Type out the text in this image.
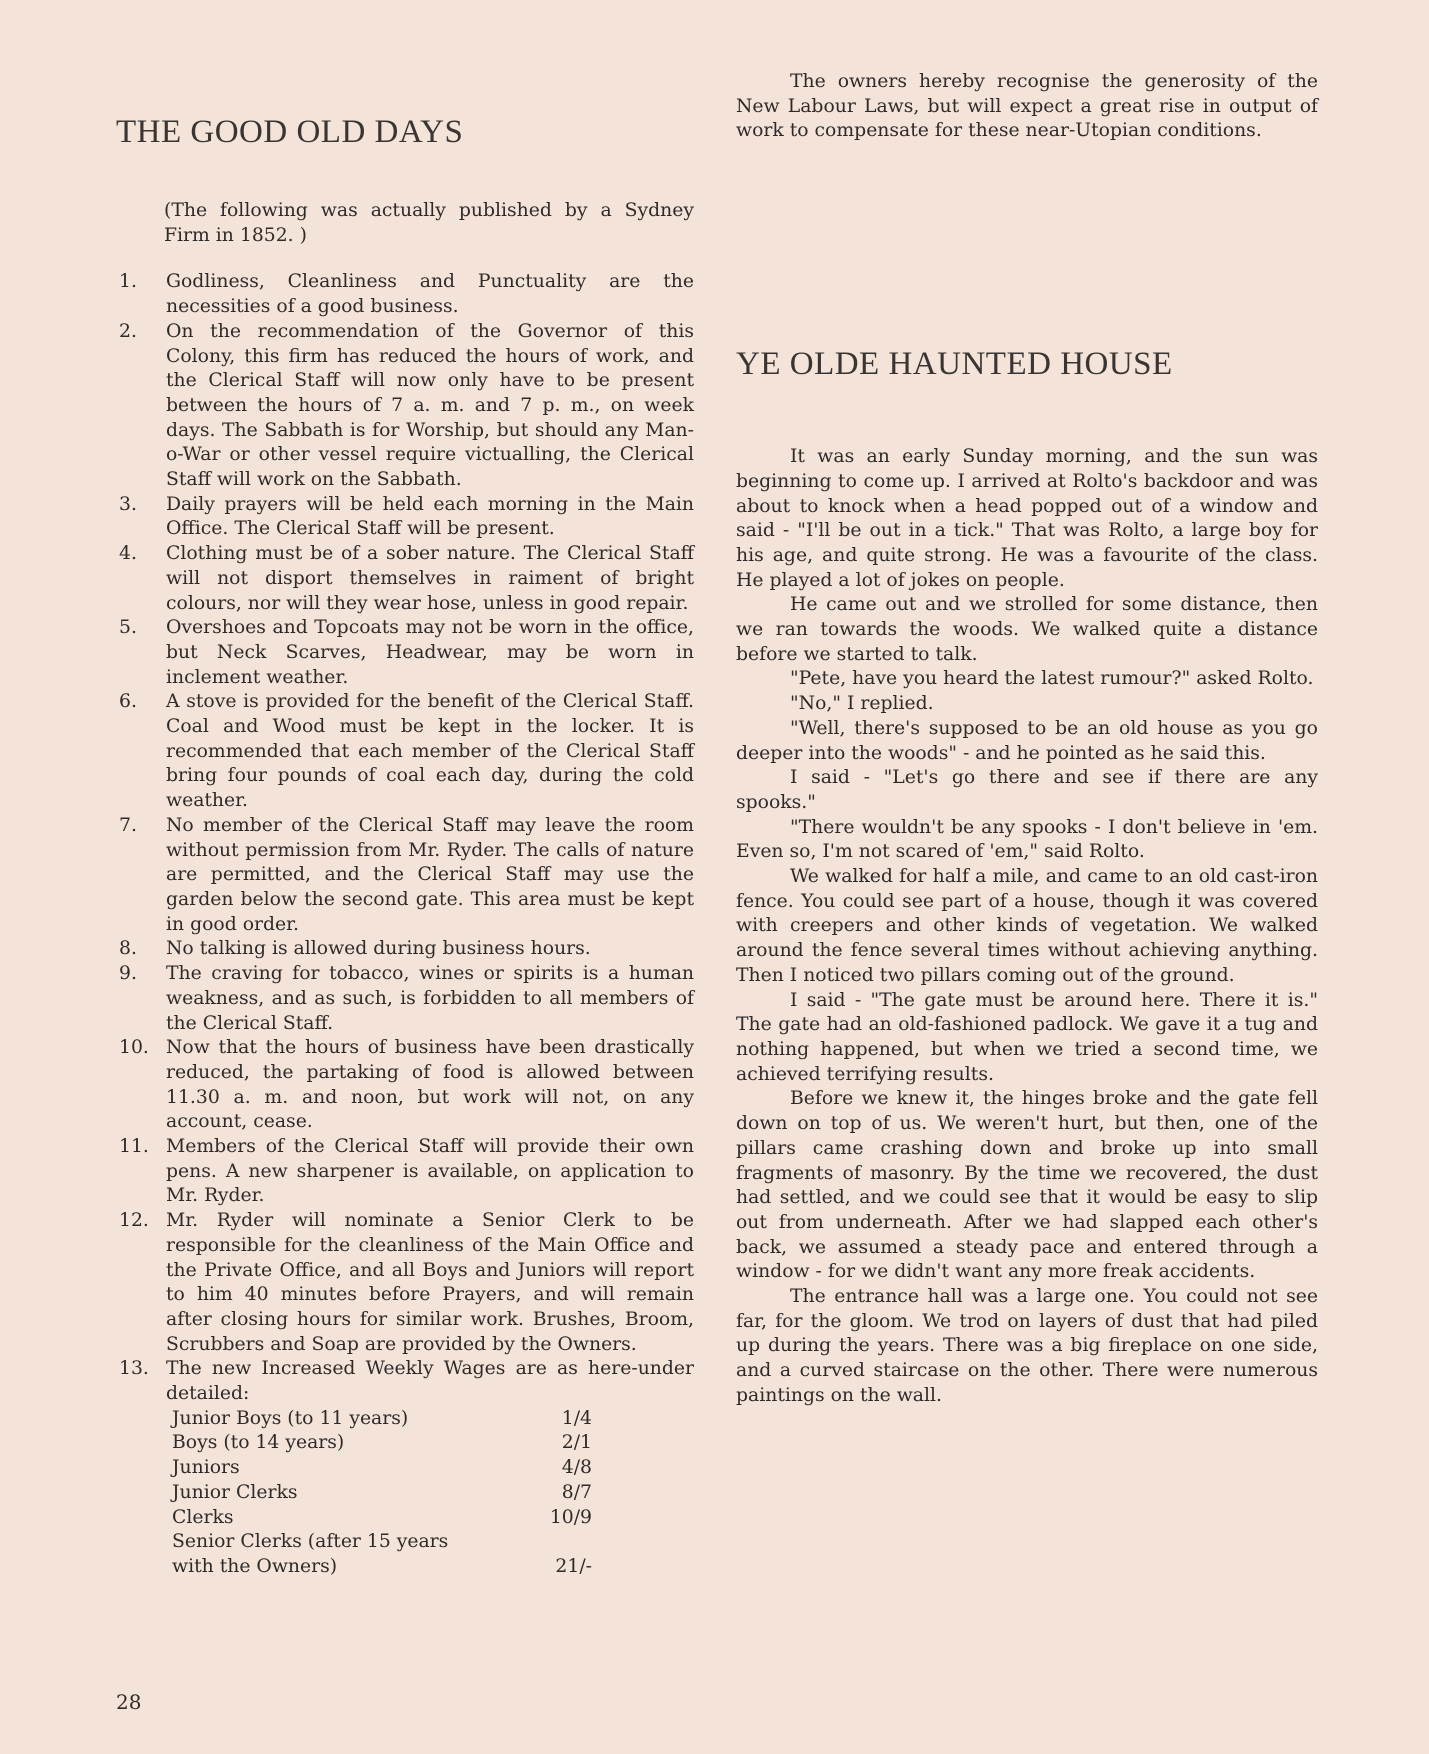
THE GOOD OLD DAYS

(The following was actually published by a Sydney Firm in 1852. )

1.	Godliness, Cleanliness and Punctuality are the necessities of a good business.
2.	On the recommendation of the Governor of this Colony, this firm has reduced the hours of work, and the Clerical Staff will now only have to be present between the hours of 7 a. m. and 7 p. m., on week days. The Sabbath is for Worship, but should any Man-o-War or other vessel require victualling, the Clerical Staff will work on the Sabbath.
3.	Daily prayers will be held each morning in the Main Office. The Clerical Staff will be present.
4.	Clothing must be of a sober nature. The Clerical Staff will not disport themselves in raiment of bright colours, nor will they wear hose, unless in good repair.
5.	Overshoes and Topcoats may not be worn in the office, but Neck Scarves, Headwear, may be worn in inclement weather.
6.	A stove is provided for the benefit of the Clerical Staff. Coal and Wood must be kept in the locker. It is recommended that each member of the Clerical Staff bring four pounds of coal each day, during the cold weather.
7.	No member of the Clerical Staff may leave the room without permission from Mr. Ryder. The calls of nature are permitted, and the Clerical Staff may use the garden below the second gate. This area must be kept in good order.
8.	No talking is allowed during business hours.
9.	The craving for tobacco, wines or spirits is a human weakness, and as such, is forbidden to all members of the Clerical Staff.
10. Now that the hours of business have been drastically reduced, the partaking of food is allowed between 11.30 a. m. and noon, but work will not, on any account, cease.
11. Members of the Clerical Staff will provide their own pens. A new sharpener is available, on application to Mr. Ryder.
12. Mr. Ryder will nominate a Senior Clerk to be responsible for the cleanliness of the Main Office and the Private Office, and all Boys and Juniors will report to him 40 minutes before Prayers, and will remain after closing hours for similar work. Brushes, Broom, Scrubbers and Soap are provided by the Owners.
13. The new Increased Weekly Wages are as here-under detailed:
Junior Boys (to 11 years)	1/4
Boys (to 14 years)	2/1
Juniors	4/8
Junior Clerks	8/7
Clerks	10/9
Senior Clerks (after 15 years	
with the Owners)	21/-

The owners hereby recognise the generosity of the New Labour Laws, but will expect a great rise in output of work to compensate for these near-Utopian conditions.

YE OLDE HAUNTED HOUSE

It was an early Sunday morning, and the sun was beginning to come up. I arrived at Rolto's backdoor and was about to knock when a head popped out of a window and said - "I'll be out in a tick." That was Rolto, a large boy for his age, and quite strong. He was a favourite of the class. He played a lot of jokes on people.

He came out and we strolled for some distance, then we ran towards the woods. We walked quite a distance before we started to talk.

"Pete, have you heard the latest rumour?" asked Rolto.

"No," I replied.

"Well, there's supposed to be an old house as you go deeper into the woods" - and he pointed as he said this.

I said - "Let's go there and see if there are any spooks."

"There wouldn't be any spooks - I don't believe in 'em. Even so, I'm not scared of 'em," said Rolto.

We walked for half a mile, and came to an old cast-iron fence. You could see part of a house, though it was covered with creepers and other kinds of vegetation. We walked around the fence several times without achieving anything. Then I noticed two pillars coming out of the ground.

I said - "The gate must be around here. There it is." The gate had an old-fashioned padlock. We gave it a tug and nothing happened, but when we tried a second time, we achieved terrifying results.

Before we knew it, the hinges broke and the gate fell down on top of us. We weren't hurt, but then, one of the pillars came crashing down and broke up into small fragments of masonry. By the time we recovered, the dust had settled, and we could see that it would be easy to slip out from underneath. After we had slapped each other's back, we assumed a steady pace and entered through a window - for we didn't want any more freak accidents.

The entrance hall was a large one. You could not see far, for the gloom. We trod on layers of dust that had piled up during the years. There was a big fireplace on one side, and a curved staircase on the other. There were numerous paintings on the wall.

28
